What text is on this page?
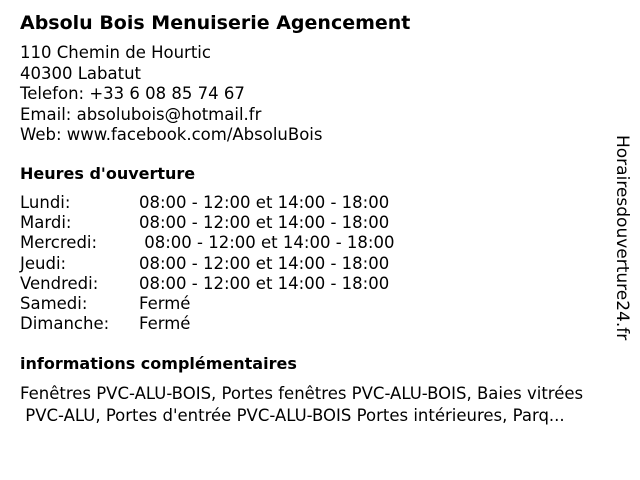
Absolu Bois Menuiserie Agencement
110 Chemin de Hourtic
40300 Labatut
Telefon: +33 6 08 85 74 67
Email: absolubois@hotmail.fr
Web: www.facebook.com/AbsoluBois
Heures d'ouverture
Lundi:	08:00 - 12:00 et 14:00 - 18:00
Mardi:	08:00 - 12:00 et 14:00 - 18:00
Mercredi:	08:00 - 12:00 et 14:00 - 18:00
Jeudi:	08:00 - 12:00 et 14:00 - 18:00
Vendredi: 08:00 - 12:00 et 14:00 - 18:00
Samedi:	Fermé
Dimanche: Fermé
informations complémentaires
Fenêtres PVC-ALU-BOIS, Portes fenêtres PVC-ALU-BOIS, Baies vitrées
PVC-ALU, Portes d'entrée PVC-ALU-BOIS Portes intérieures, Parq...
Horairesdouverture24.fr
